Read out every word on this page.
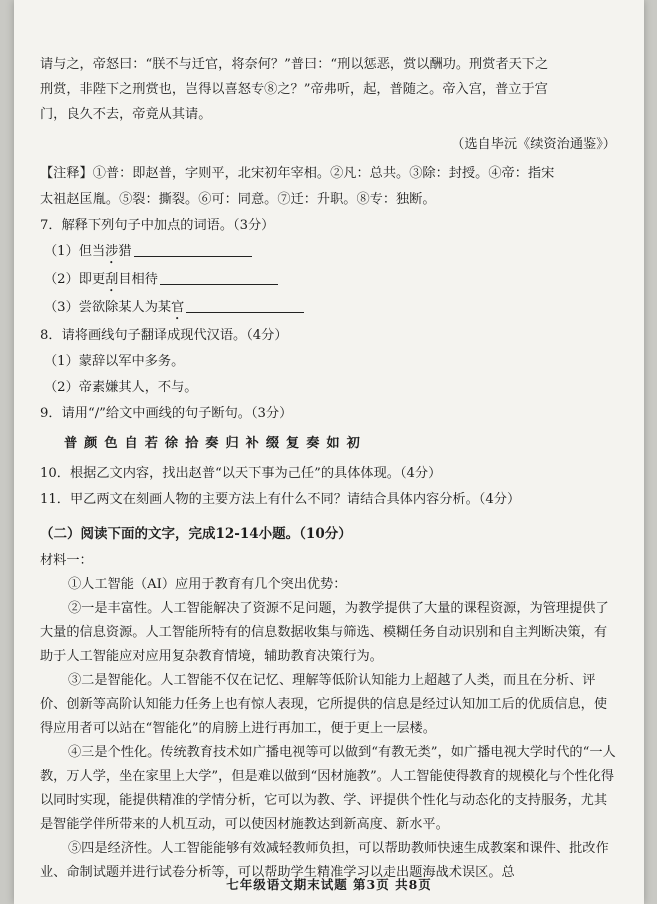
请与之，帝怒曰：“朕不与迁官，将奈何？”普曰：“刑以惩恶，赏以酬功。刑赏者天下之

刑赏，非陛下之刑赏也，岂得以喜怒专⑧之？”帝弗听，起，普随之。帝入宫，普立于宫

门，良久不去，帝竟从其请。

（选自毕沅《续资治通鉴》）

【注释】①普：即赵普，字则平，北宋初年宰相。②凡：总共。③除：封授。④帝：指宋

太祖赵匡胤。⑤裂：撕裂。⑥可：同意。⑦迁：升职。⑧专：独断。

7．解释下列句子中加点的词语。（3分）

（1）但当涉猎

（2）即更刮目相待

（3）尝欲除某人为某官

8．请将画线句子翻译成现代汉语。（4分）

（1）蒙辞以军中多务。

（2）帝素嫌其人，不与。

9．请用“/”给文中画线的句子断句。（3分）

普颜色自若徐拾奏归补缀复奏如初

10．根据乙文内容，找出赵普“以天下事为己任”的具体体现。（4分）

11．甲乙两文在刻画人物的主要方法上有什么不同？请结合具体内容分析。（4分）

（二）阅读下面的文字，完成12-14小题。（10分）

材料一：

①人工智能（AI）应用于教育有几个突出优势：

②一是丰富性。人工智能解决了资源不足问题，为教学提供了大量的课程资源，为管理提供了大量的信息资源。人工智能所特有的信息数据收集与筛选、模糊任务自动识别和自主判断决策，有助于人工智能应对应用复杂教育情境，辅助教育决策行为。

③二是智能化。人工智能不仅在记忆、理解等低阶认知能力上超越了人类，而且在分析、评价、创新等高阶认知能力任务上也有惊人表现，它所提供的信息是经过认知加工后的优质信息，使得应用者可以站在“智能化”的肩膀上进行再加工，便于更上一层楼。

④三是个性化。传统教育技术如广播电视等可以做到“有教无类”，如广播电视大学时代的“一人教，万人学，坐在家里上大学”，但是难以做到“因材施教”。人工智能使得教育的规模化与个性化得以同时实现，能提供精准的学情分析，它可以为教、学、评提供个性化与动态化的支持服务，尤其是智能学伴所带来的人机互动，可以使因材施教达到新高度、新水平。

⑤四是经济性。人工智能能够有效减轻教师负担，可以帮助教师快速生成教案和课件、批改作业、命制试题并进行试卷分析等，可以帮助学生精准学习以走出题海战术误区。总

七年级语文期末试题 第3页 共8页
